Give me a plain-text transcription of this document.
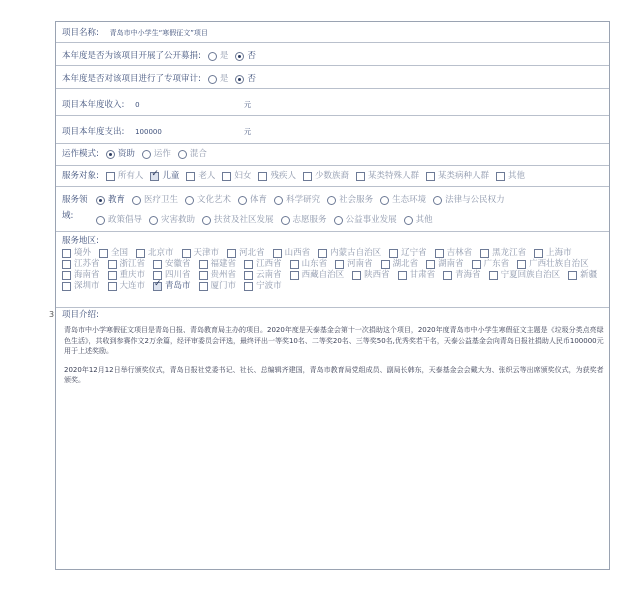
3
项目名称: 青岛市中小学生“寒假征文”项目
本年度是否为该项目开展了公开募捐: 是 否
本年度是否对该项目进行了专项审计: 是 否
项目本年度收入: 0	元
项目本年度支出: 100000	元
运作模式: 资助 运作 混合
服务对象: 所有人 ✓ 儿童 老人 妇女 残疾人 少数族裔 某类特殊人群 某类病种人群 其他
服务领
域:
教育 医疗卫生 文化艺术 体育 科学研究 社会服务 生态环境 法律与公民权力
政策倡导 灾害救助 扶贫及社区发展 志愿服务 公益事业发展 其他
服务地区:
境外 全国 北京市 天津市 河北省 山西省 内蒙古自治区 辽宁省 吉林省 黑龙江省 上海市
江苏省 浙江省 安徽省 福建省 江西省 山东省 河南省 湖北省 湖南省 广东省 广西壮族自治区
海南省 重庆市 四川省 贵州省 云南省 西藏自治区 陕西省 甘肃省 青海省 宁夏回族自治区 新疆
深圳市 大连市 ✓ 青岛市 厦门市 宁波市
项目介绍:

青岛市中小学寒假征文项目是青岛日报、青岛教育局主办的项目。2020年度是天泰基金会第十一次捐助这个项目，2020年度青岛市中小学生寒假征文主题是《垃圾分类点亮绿色生活》，共收到参赛作文2万余篇，经评审委员会评选，最终评出一等奖10名、二等奖20名、三等奖50名,优秀奖若干名，天泰公益基金会向青岛日报社捐助人民币100000元用于上述奖励。

2020年12月12日举行颁奖仪式，青岛日报社党委书记、社长、总编辑齐建国，青岛市教育局党组成员、副局长韩东，天泰基金会会戴大为、张织云等出席颁奖仪式，为获奖者颁奖。
